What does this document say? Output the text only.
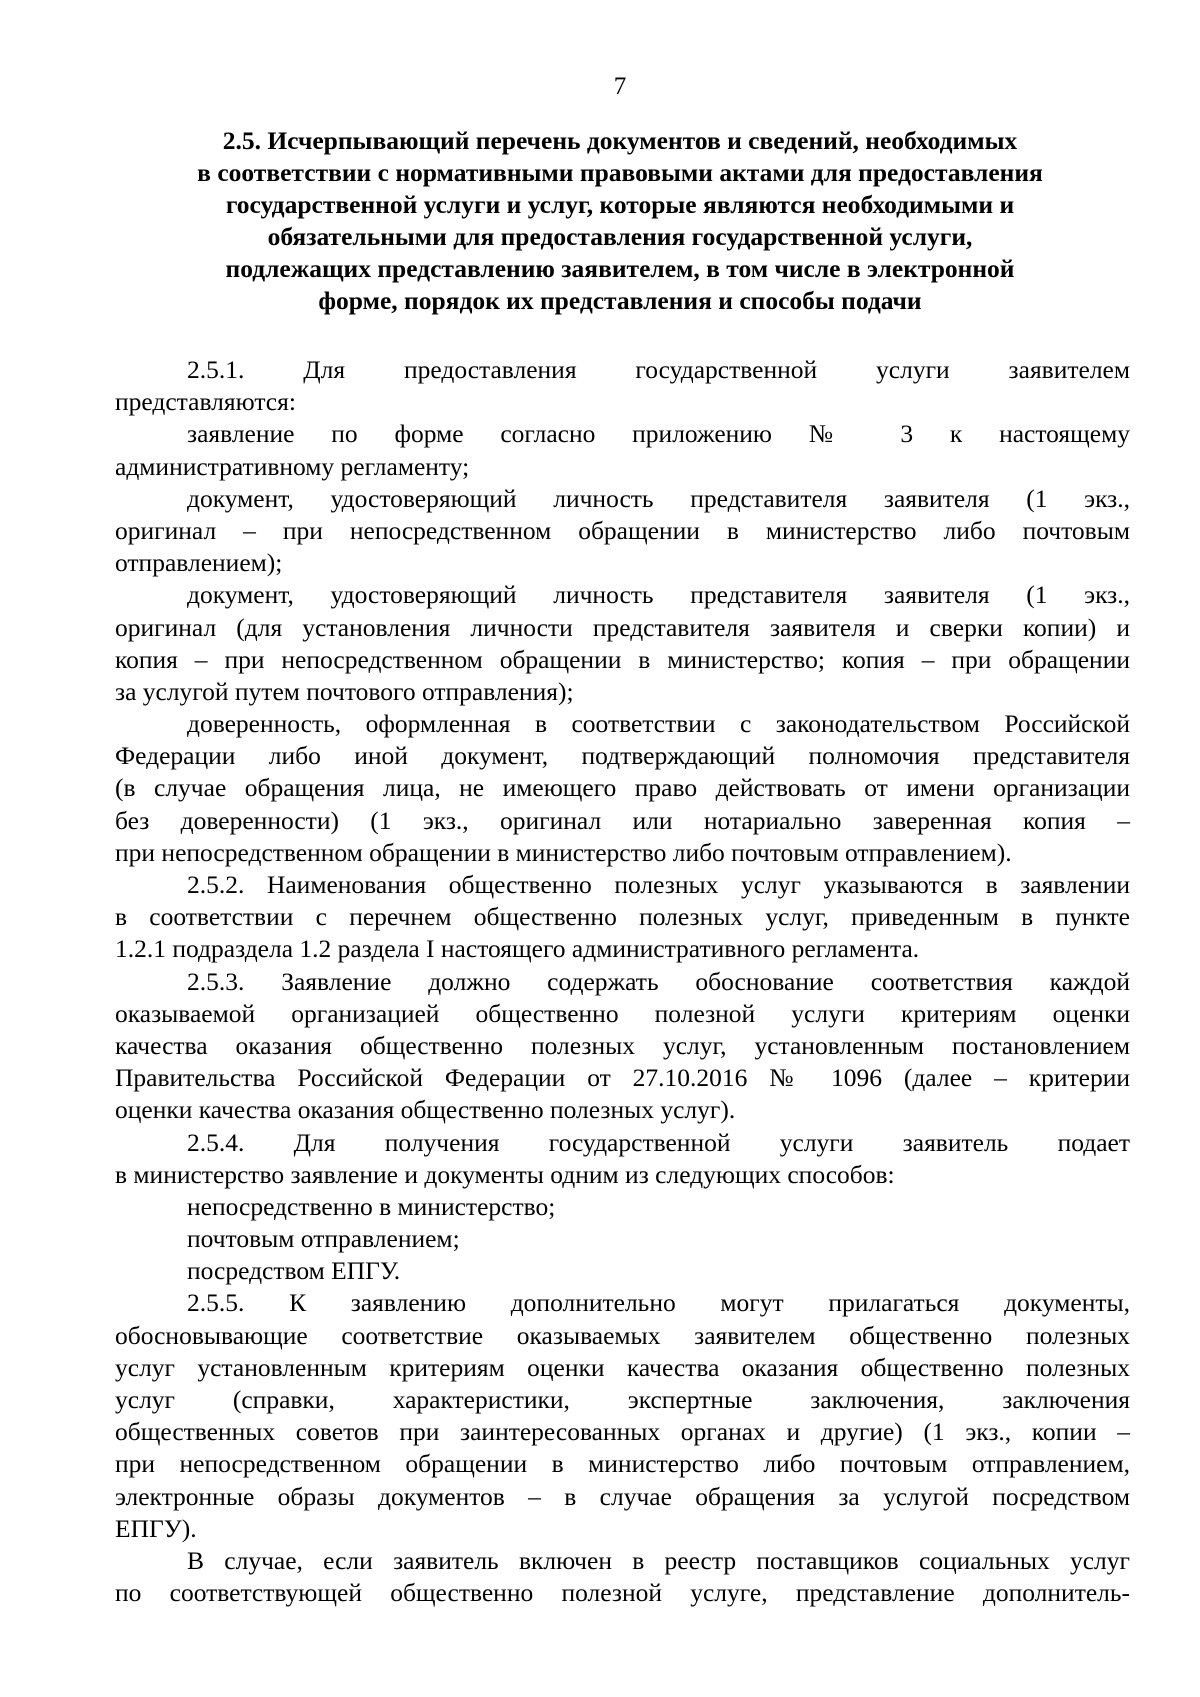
7
2.5. Исчерпывающий перечень документов и сведений, необходимых
в соответствии с нормативными правовыми актами для предоставления
государственной услуги и услуг, которые являются необходимыми и
обязательными для предоставления государственной услуги,
подлежащих представлению заявителем, в том числе в электронной
форме, порядок их представления и способы подачи
2.5.1. Для предоставления государственной услуги заявителем
представляются:
заявление по форме согласно приложению № 3 к настоящему
административному регламенту;
документ, удостоверяющий личность представителя заявителя (1 экз.,
оригинал – при непосредственном обращении в министерство либо почтовым
отправлением);
документ, удостоверяющий личность представителя заявителя (1 экз.,
оригинал (для установления личности представителя заявителя и сверки копии) и
копия – при непосредственном обращении в министерство; копия – при обращении
за услугой путем почтового отправления);
доверенность, оформленная в соответствии с законодательством Российской
Федерации либо иной документ, подтверждающий полномочия представителя
(в случае обращения лица, не имеющего право действовать от имени организации
без доверенности) (1 экз., оригинал или нотариально заверенная копия –
при непосредственном обращении в министерство либо почтовым отправлением).
2.5.2. Наименования общественно полезных услуг указываются в заявлении
в соответствии с перечнем общественно полезных услуг, приведенным в пункте
1.2.1 подраздела 1.2 раздела I настоящего административного регламента.
2.5.3. Заявление должно содержать обоснование соответствия каждой
оказываемой организацией общественно полезной услуги критериям оценки
качества оказания общественно полезных услуг, установленным постановлением
Правительства Российской Федерации от 27.10.2016 № 1096 (далее – критерии
оценки качества оказания общественно полезных услуг).
2.5.4. Для получения государственной услуги заявитель подает
в министерство заявление и документы одним из следующих способов:
непосредственно в министерство;
почтовым отправлением;
посредством ЕПГУ.
2.5.5. К заявлению дополнительно могут прилагаться документы,
обосновывающие соответствие оказываемых заявителем общественно полезных
услуг установленным критериям оценки качества оказания общественно полезных
услуг (справки, характеристики, экспертные заключения, заключения
общественных советов при заинтересованных органах и другие) (1 экз., копии –
при непосредственном обращении в министерство либо почтовым отправлением,
электронные образы документов – в случае обращения за услугой посредством
ЕПГУ).
В случае, если заявитель включен в реестр поставщиков социальных услуг
по соответствующей общественно полезной услуге, представление дополнитель-
